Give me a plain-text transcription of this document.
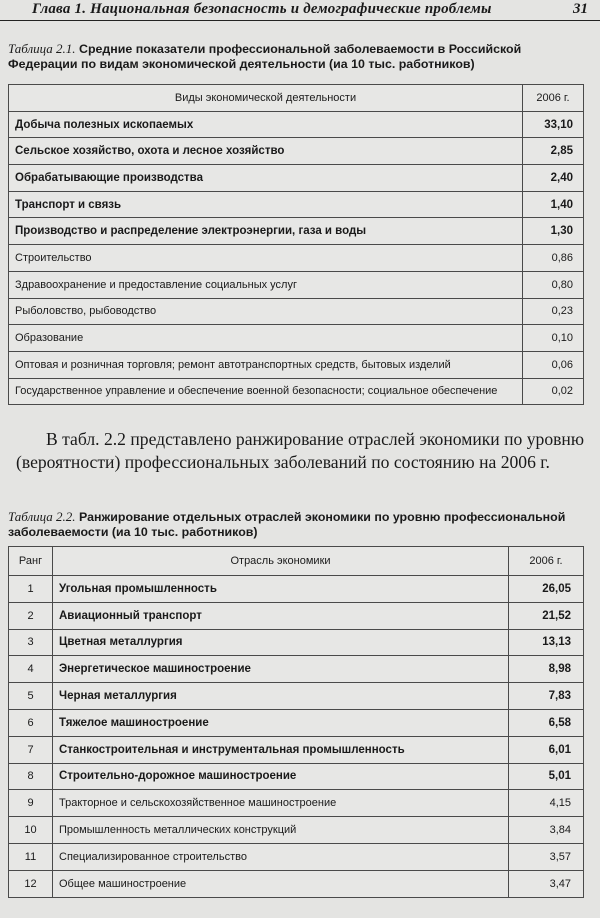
Глава 1. Национальная безопасность и демографические проблемы	31
Таблица 2.1. Средние показатели профессиональной заболеваемости в Российской Федерации по видам экономической деятельности (иа 10 тыс. работников)
Виды экономической деятельности	2006 г.
Добыча полезных ископаемых	33,10
Сельское хозяйство, охота и лесное хозяйство	2,85
Обрабатывающие производства	2,40
Транспорт и связь	1,40
Производство и распределение электроэнергии, газа и воды	1,30
Строительство	0,86
Здравоохранение и предоставление социальных услуг	0,80
Рыболовство, рыбоводство	0,23
Образование	0,10
Оптовая и розничная торговля; ремонт автотранспортных средств, бытовых изделий	0,06
Государственное управление и обеспечение военной безопасности; социальное обеспечение	0,02
В табл. 2.2 представлено ранжирование отраслей экономики по уровню (вероятности) профессиональных заболеваний по состоянию на 2006 г.
Таблица 2.2. Ранжирование отдельных отраслей экономики по уровню профессиональной заболеваемости (иа 10 тыс. работников)
Ранг	Отрасль экономики	2006 г.
1	Угольная промышленность	26,05
2	Авиационный транспорт	21,52
3	Цветная металлургия	13,13
4	Энергетическое машиностроение	8,98
5	Черная металлургия	7,83
6	Тяжелое машиностроение	6,58
7	Станкостроительная и инструментальная промышленность	6,01
8	Строительно-дорожное машиностроение	5,01
9	Тракторное и сельскохозяйственное машиностроение	4,15
10	Промышленность металлических конструкций	3,84
11	Специализированное строительство	3,57
12	Общее машиностроение	3,47
